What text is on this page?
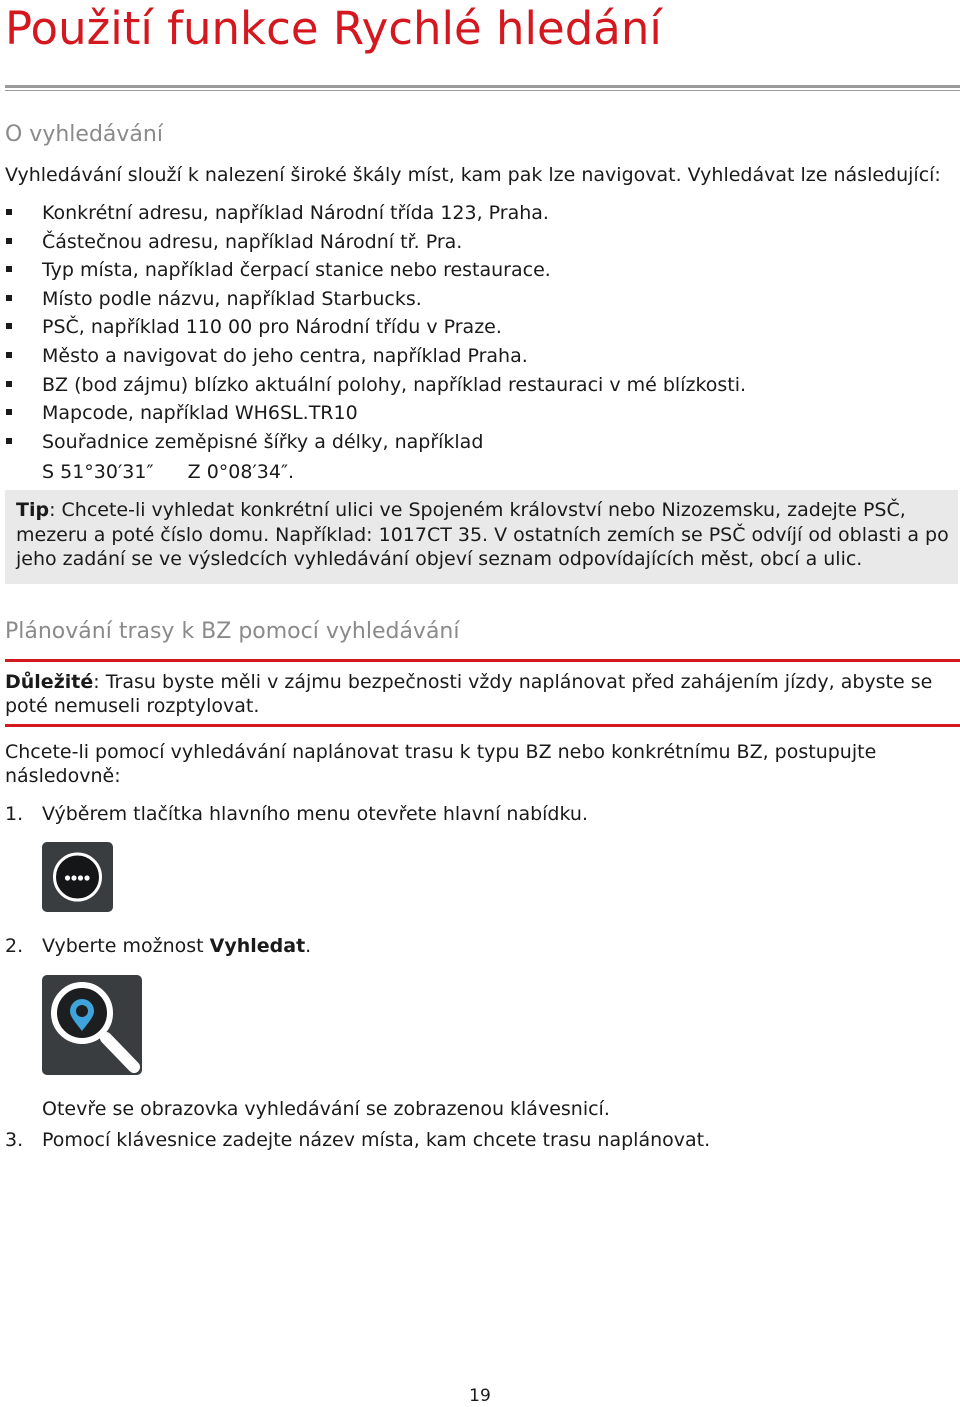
Použití funkce Rychlé hledání
O vyhledávání
Vyhledávání slouží k nalezení široké škály míst, kam pak lze navigovat. Vyhledávat lze následující:
Konkrétní adresu, například Národní třída 123, Praha.
Částečnou adresu, například Národní tř. Pra.
Typ místa, například čerpací stanice nebo restaurace.
Místo podle názvu, například Starbucks.
PSČ, například 110 00 pro Národní třídu v Praze.
Město a navigovat do jeho centra, například Praha.
BZ (bod zájmu) blízko aktuální polohy, například restauraci v mé blízkosti.
Mapcode, například WH6SL.TR10
Souřadnice zeměpisné šířky a délky, například
S 51°30′31″ Z 0°08′34″.
Tip: Chcete-li vyhledat konkrétní ulici ve Spojeném království nebo Nizozemsku, zadejte PSČ,
mezeru a poté číslo domu. Například: 1017CT 35. V ostatních zemích se PSČ odvíjí od oblasti a po
jeho zadání se ve výsledcích vyhledávání objeví seznam odpovídajících měst, obcí a ulic.
Plánování trasy k BZ pomocí vyhledávání
Důležité: Trasu byste měli v zájmu bezpečnosti vždy naplánovat před zahájením jízdy, abyste se
poté nemuseli rozptylovat.
Chcete-li pomocí vyhledávání naplánovat trasu k typu BZ nebo konkrétnímu BZ, postupujte
následovně:
1. Výběrem tlačítka hlavního menu otevřete hlavní nabídku.
2. Vyberte možnost Vyhledat.
Otevře se obrazovka vyhledávání se zobrazenou klávesnicí.
3. Pomocí klávesnice zadejte název místa, kam chcete trasu naplánovat.
19
